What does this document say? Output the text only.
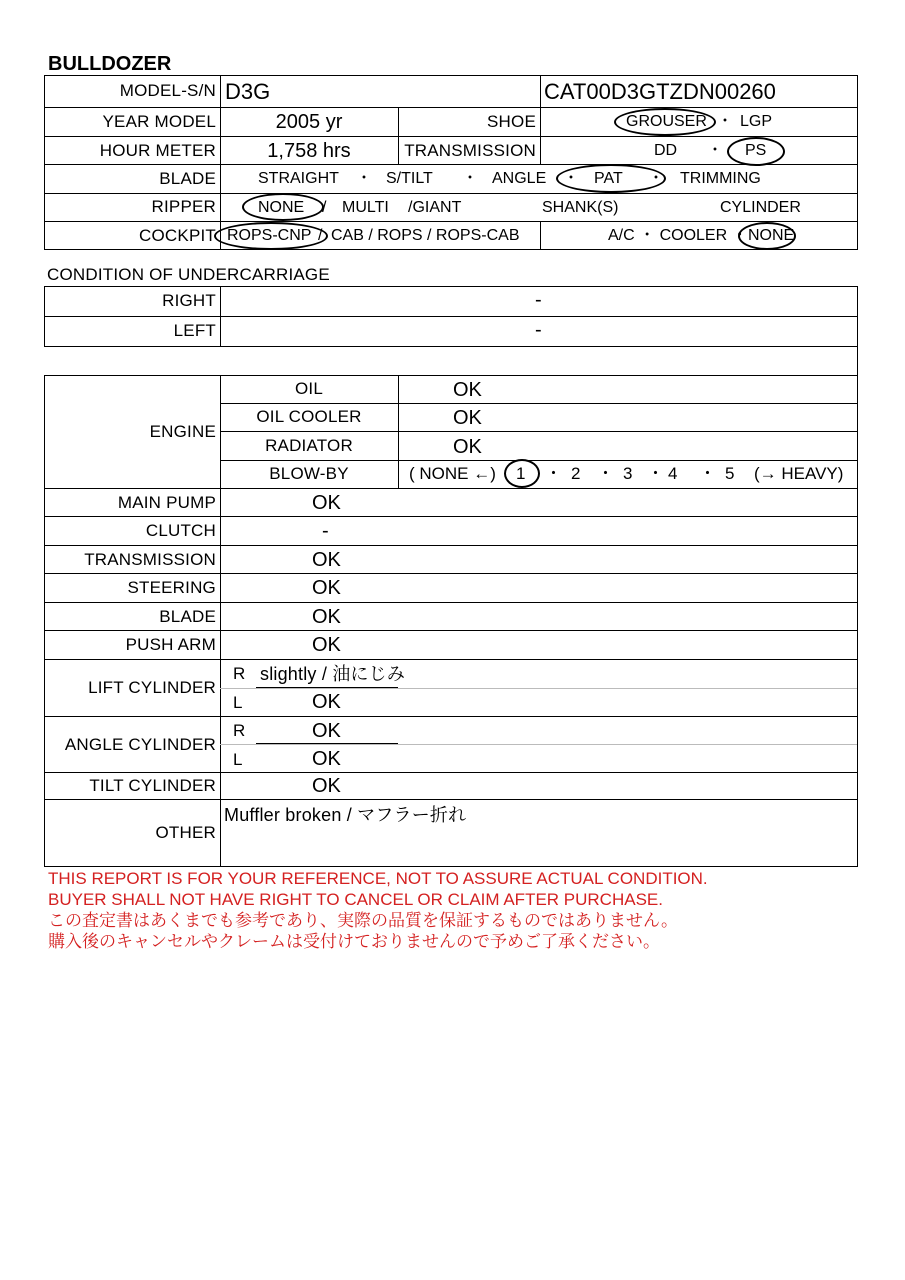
BULLDOZER
MODEL-S/N D3G	CAT00D3GTZDN00260
YEAR MODEL	2005 yr	SHOE	GROUSER ・ LGP
HOUR METER	1,758 hrs	TRANSMISSION	DD ・ PS
BLADE	STRAIGHT ・ S/TILT ・ ANGLE ・ PAT ・ TRIMMING
RIPPER	NONE / MULTI /GIANT	SHANK(S)	CYLINDER
COCKPIT ROPS-CNP / CAB / ROPS / ROPS-CAB	A/C ・ COOLER ・ NONE
CONDITION OF UNDERCARRIAGE
RIGHT	-
LEFT	-
ENGINE
OIL	OK
OIL COOLER	OK
RADIATOR	OK
BLOW-BY	( NONE ←) 1 ・ 2 ・ 3 ・ 4 ・ 5 (→ HEAVY)
MAIN PUMP	OK
CLUTCH	-
TRANSMISSION	OK
STEERING	OK
BLADE	OK
PUSH ARM	OK
LIFT CYLINDER
R slightly / 油にじみ
L	OK
ANGLE CYLINDER
R	OK
L	OK
TILT CYLINDER	OK
OTHER
Muffler broken / マフラー折れ
THIS REPORT IS FOR YOUR REFERENCE, NOT TO ASSURE ACTUAL CONDITION.
BUYER SHALL NOT HAVE RIGHT TO CANCEL OR CLAIM AFTER PURCHASE.
この査定書はあくまでも参考であり、実際の品質を保証するものではありません。
購入後のキャンセルやクレームは受付けておりませんので予めご了承ください。
